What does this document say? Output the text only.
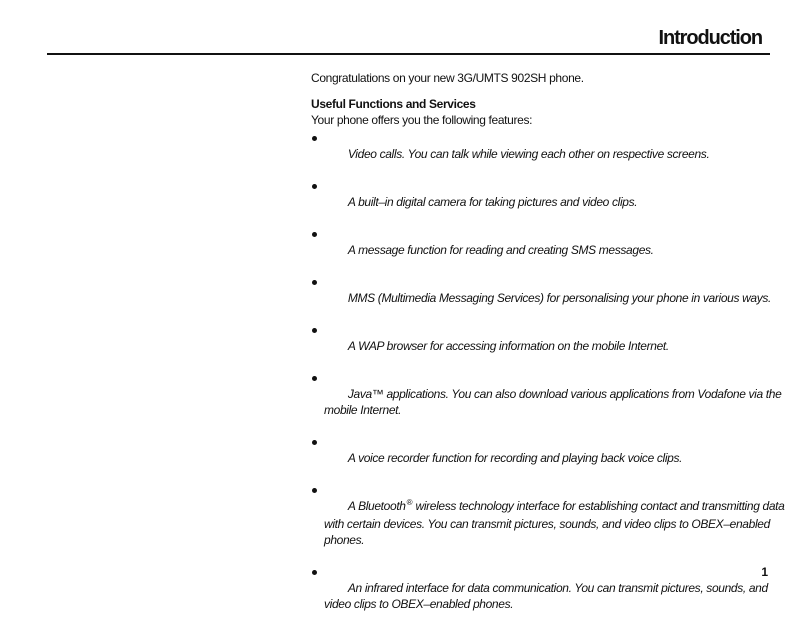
Introduction

Congratulations on your new 3G/UMTS 902SH phone.

Useful Functions and Services

Your phone offers you the following features:

Video calls. You can talk while viewing each other on respective screens.

A built–in digital camera for taking pictures and video clips.

A message function for reading and creating SMS messages.

MMS (Multimedia Messaging Services) for personalising your phone in various ways.

A WAP browser for accessing information on the mobile Internet.

Java™ applications. You can also download various applications from Vodafone via the
mobile Internet.

A voice recorder function for recording and playing back voice clips.

A Bluetooth® wireless technology interface for establishing contact and transmitting data
with certain devices. You can transmit pictures, sounds, and video clips to OBEX–enabled
phones.

An infrared interface for data communication. You can transmit pictures, sounds, and
video clips to OBEX–enabled phones.

1
